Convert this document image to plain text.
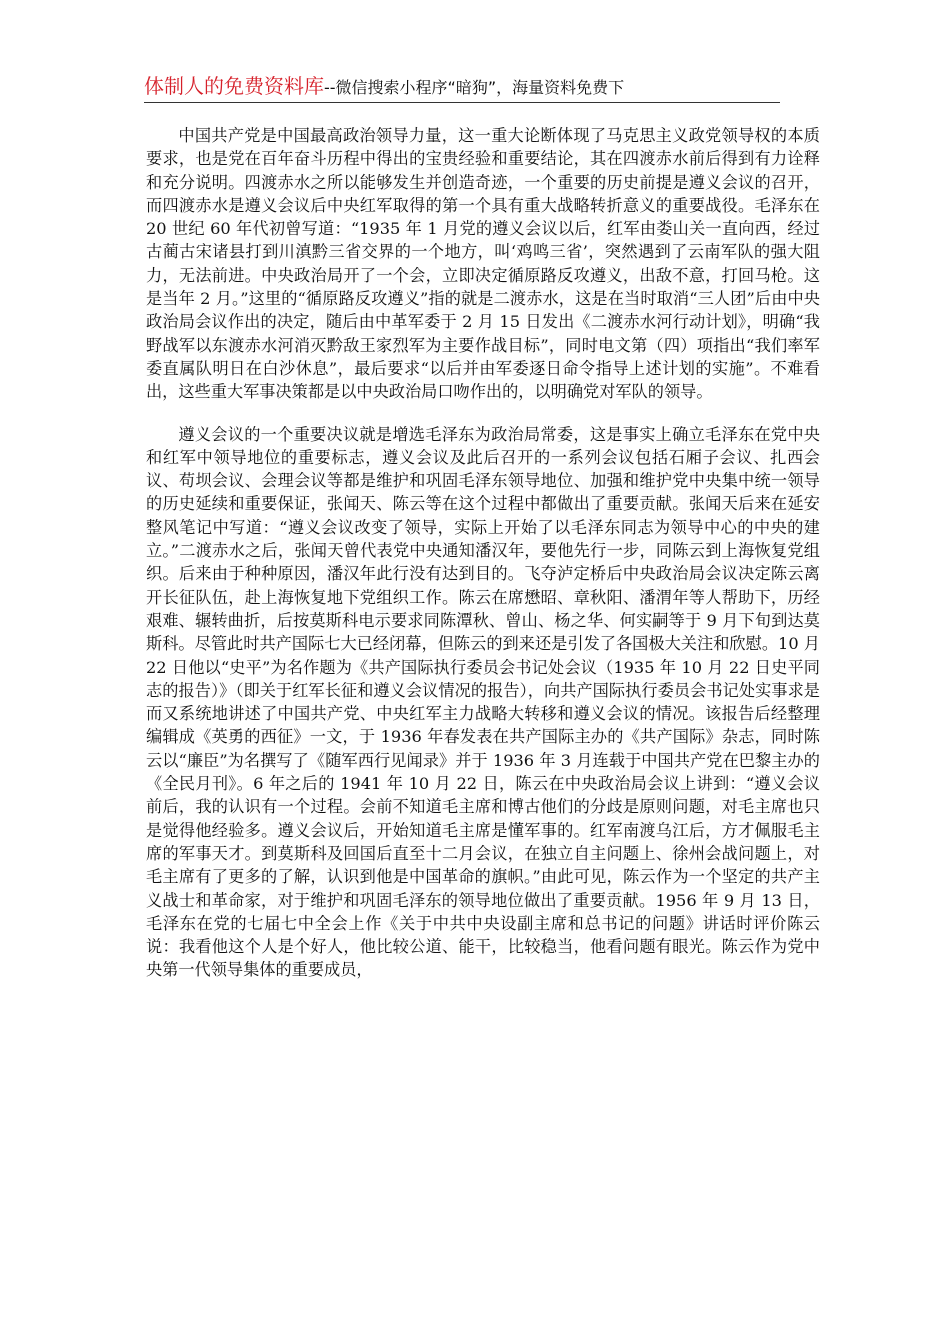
体制人的免费资料库--微信搜索小程序“暗狗”，海量资料免费下

中国共产党是中国最高政治领导力量，这一重大论断体现了马克思主义政党领导权的本质要求，也是党在百年奋斗历程中得出的宝贵经验和重要结论，其在四渡赤水前后得到有力诠释和充分说明。四渡赤水之所以能够发生并创造奇迹，一个重要的历史前提是遵义会议的召开，而四渡赤水是遵义会议后中央红军取得的第一个具有重大战略转折意义的重要战役。毛泽东在 20 世纪 60 年代初曾写道：“1935 年 1 月党的遵义会议以后，红军由娄山关一直向西，经过古蔺古宋诸县打到川滇黔三省交界的一个地方，叫‘鸡鸣三省’，突然遇到了云南军队的强大阻力，无法前进。中央政治局开了一个会，立即决定循原路反攻遵义，出敌不意，打回马枪。这是当年 2 月。”这里的“循原路反攻遵义”指的就是二渡赤水，这是在当时取消“三人团”后由中央政治局会议作出的决定，随后由中革军委于 2 月 15 日发出《二渡赤水河行动计划》，明确“我野战军以东渡赤水河消灭黔敌王家烈军为主要作战目标”，同时电文第（四）项指出“我们率军委直属队明日在白沙休息”，最后要求“以后并由军委逐日命令指导上述计划的实施”。不难看出，这些重大军事决策都是以中央政治局口吻作出的，以明确党对军队的领导。

遵义会议的一个重要决议就是增选毛泽东为政治局常委，这是事实上确立毛泽东在党中央和红军中领导地位的重要标志，遵义会议及此后召开的一系列会议包括石厢子会议、扎西会议、苟坝会议、会理会议等都是维护和巩固毛泽东领导地位、加强和维护党中央集中统一领导的历史延续和重要保证，张闻天、陈云等在这个过程中都做出了重要贡献。张闻天后来在延安整风笔记中写道：“遵义会议改变了领导，实际上开始了以毛泽东同志为领导中心的中央的建立。”二渡赤水之后，张闻天曾代表党中央通知潘汉年，要他先行一步，同陈云到上海恢复党组织。后来由于种种原因，潘汉年此行没有达到目的。飞夺泸定桥后中央政治局会议决定陈云离开长征队伍，赴上海恢复地下党组织工作。陈云在席懋昭、章秋阳、潘渭年等人帮助下，历经艰难、辗转曲折，后按莫斯科电示要求同陈潭秋、曾山、杨之华、何实嗣等于 9 月下旬到达莫斯科。尽管此时共产国际七大已经闭幕，但陈云的到来还是引发了各国极大关注和欣慰。10 月 22 日他以“史平”为名作题为《共产国际执行委员会书记处会议（1935 年 10 月 22 日史平同志的报告）》（即关于红军长征和遵义会议情况的报告），向共产国际执行委员会书记处实事求是而又系统地讲述了中国共产党、中央红军主力战略大转移和遵义会议的情况。该报告后经整理编辑成《英勇的西征》一文，于 1936 年春发表在共产国际主办的《共产国际》杂志，同时陈云以“廉臣”为名撰写了《随军西行见闻录》并于 1936 年 3 月连载于中国共产党在巴黎主办的《全民月刊》。6 年之后的 1941 年 10 月 22 日，陈云在中央政治局会议上讲到：“遵义会议前后，我的认识有一个过程。会前不知道毛主席和博古他们的分歧是原则问题，对毛主席也只是觉得他经验多。遵义会议后，开始知道毛主席是懂军事的。红军南渡乌江后，方才佩服毛主席的军事天才。到莫斯科及回国后直至十二月会议，在独立自主问题上、徐州会战问题上，对毛主席有了更多的了解，认识到他是中国革命的旗帜。”由此可见，陈云作为一个坚定的共产主义战士和革命家，对于维护和巩固毛泽东的领导地位做出了重要贡献。1956 年 9 月 13 日，毛泽东在党的七届七中全会上作《关于中共中央设副主席和总书记的问题》讲话时评价陈云说：我看他这个人是个好人，他比较公道、能干，比较稳当，他看问题有眼光。陈云作为党中央第一代领导集体的重要成员，
